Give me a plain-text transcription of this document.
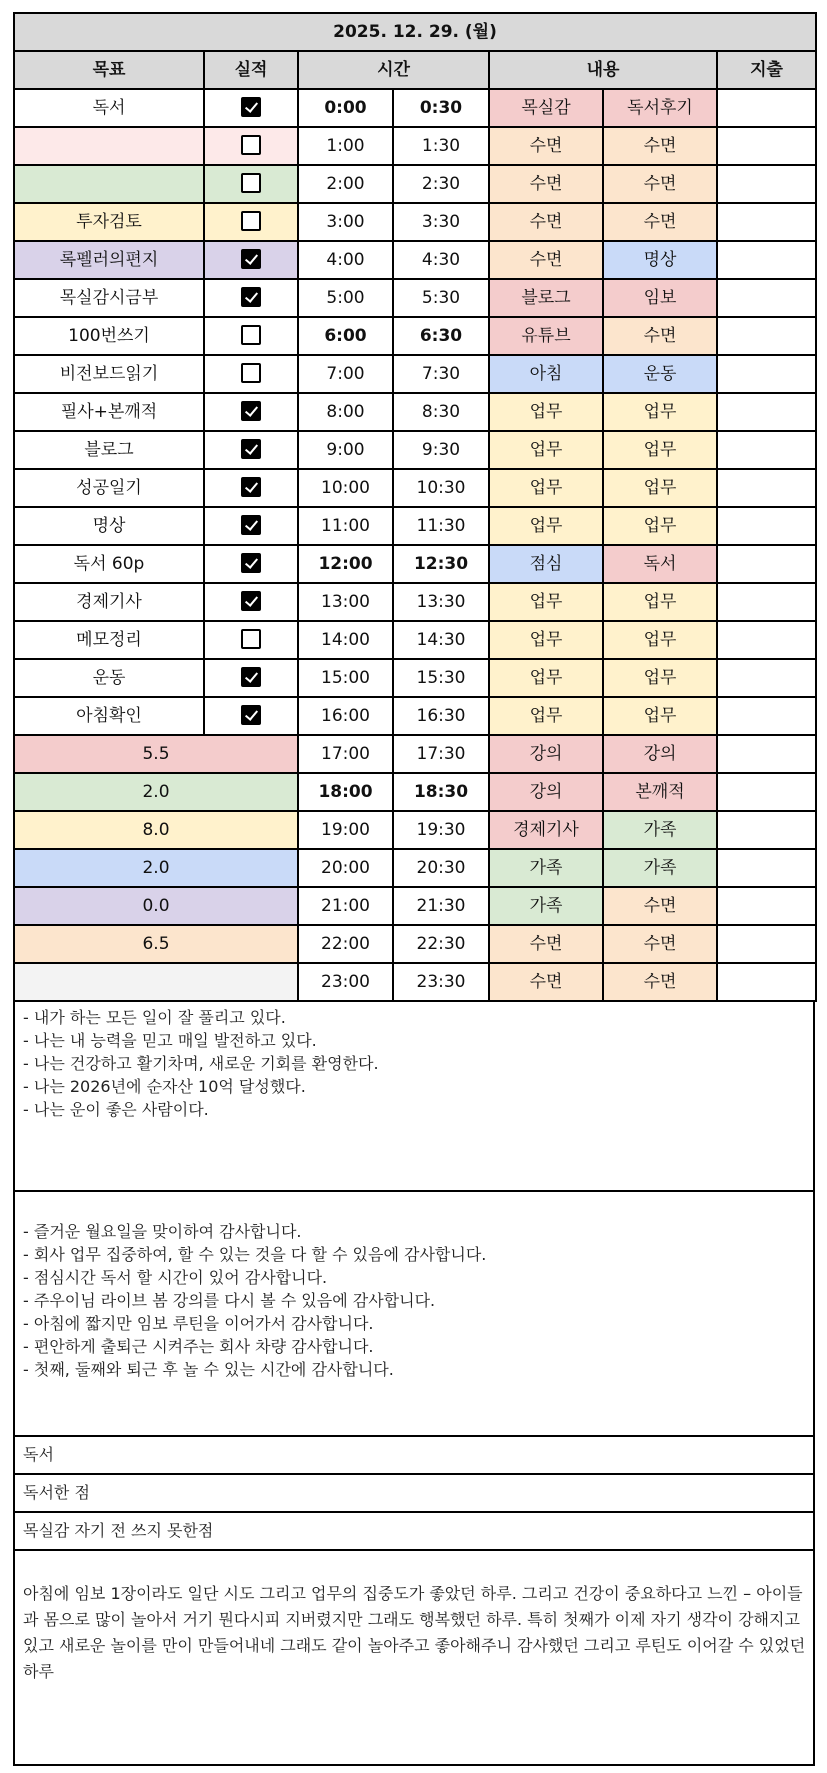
2025. 12. 29. (월)						
목표	실적	시간		내용		지출
독서		0:00	0:30	목실감	독서후기	
		1:00	1:30	수면	수면	
		2:00	2:30	수면	수면	
투자검토		3:00	3:30	수면	수면	
록펠러의편지		4:00	4:30	수면	명상	
목실감시금부		5:00	5:30	블로그	임보	
100번쓰기		6:00	6:30	유튜브	수면	
비전보드읽기		7:00	7:30	아침	운동	
필사+본깨적		8:00	8:30	업무	업무	
블로그		9:00	9:30	업무	업무	
성공일기		10:00	10:30	업무	업무	
명상		11:00	11:30	업무	업무	
독서 60p		12:00	12:30	점심	독서	
경제기사		13:00	13:30	업무	업무	
메모정리		14:00	14:30	업무	업무	
운동		15:00	15:30	업무	업무	
아침확인		16:00	16:30	업무	업무	
5.5		17:00	17:30	강의	강의	
2.0		18:00	18:30	강의	본깨적	
8.0		19:00	19:30	경제기사	가족	
2.0		20:00	20:30	가족	가족	
0.0		21:00	21:30	가족	수면	
6.5		22:00	22:30	수면	수면	
		23:00	23:30	수면	수면	
- 내가 하는 모든 일이 잘 풀리고 있다.
- 나는 내 능력을 믿고 매일 발전하고 있다.
- 나는 건강하고 활기차며, 새로운 기회를 환영한다.
- 나는 2026년에 순자산 10억 달성했다.
- 나는 운이 좋은 사람이다.
- 즐거운 월요일을 맞이하여 감사합니다.
- 회사 업무 집중하여, 할 수 있는 것을 다 할 수 있음에 감사합니다.
- 점심시간 독서 할 시간이 있어 감사합니다.
- 주우이님 라이브 봄 강의를 다시 볼 수 있음에 감사합니다.
- 아침에 짧지만 임보 루틴을 이어가서 감사합니다.
- 편안하게 출퇴근 시켜주는 회사 차량 감사합니다.
- 첫째, 둘째와 퇴근 후 놀 수 있는 시간에 감사합니다.
독서
독서한 점
목실감 자기 전 쓰지 못한점
아침에 임보 1장이라도 일단 시도 그리고 업무의 집중도가 좋았던 하루. 그리고 건강이 중요하다고 느낀 – 아이들과 몸으로 많이 놀아서 거기 뭔다시피 지버렸지만 그래도 행복했던 하루. 특히 첫째가 이제 자기 생각이 강해지고 있고 새로운 놀이를 만이 만들어내네 그래도 같이 놀아주고 좋아해주니 감사했던 그리고 루틴도 이어갈 수 있었던 하루
